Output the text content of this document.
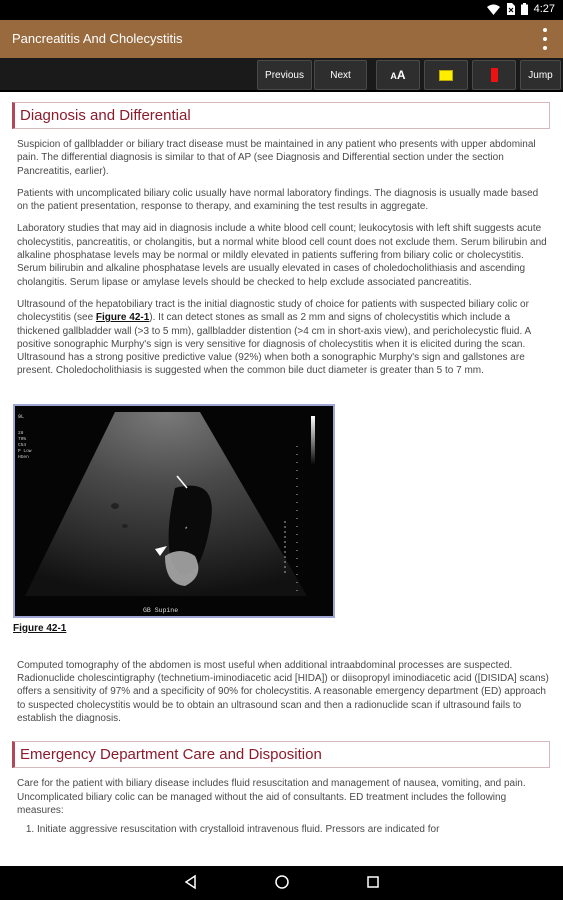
4:27
Pancreatitis And Cholecystitis
Previous	Next	AA	Jump
Diagnosis and Differential

Suspicion of gallbladder or biliary tract disease must be maintained in any patient who presents with upper abdominal pain. The differential diagnosis is similar to that of AP (see Diagnosis and Differential section under the section Pancreatitis, earlier).

Patients with uncomplicated biliary colic usually have normal laboratory findings. The diagnosis is usually made based on the patient presentation, response to therapy, and examining the test results in aggregate.

Laboratory studies that may aid in diagnosis include a white blood cell count; leukocytosis with left shift suggests acute cholecystitis, pancreatitis, or cholangitis, but a normal white blood cell count does not exclude them. Serum bilirubin and alkaline phosphatase levels may be normal or mildly elevated in patients suffering from biliary colic or cholecystitis. Serum bilirubin and alkaline phosphatase levels are usually elevated in cases of choledocholithiasis and ascending cholangitis. Serum lipase or amylase levels should be checked to help exclude associated pancreatitis.

Ultrasound of the hepatobiliary tract is the initial diagnostic study of choice for patients with suspected biliary colic or cholecystitis (see Figure 42-1). It can detect stones as small as 2 mm and signs of cholecystitis which include a thickened gallbladder wall (>3 to 5 mm), gallbladder distention (>4 cm in short-axis view), and pericholecystic fluid. A positive sonographic Murphy's sign is very sensitive for diagnosis of cholecystitis when it is elicited during the scan. Ultrasound has a strong positive predictive value (92%) when both a sonographic Murphy's sign and gallstones are present. Choledocholithiasis is suggested when the common bile duct diameter is greater than 5 to 7 mm.

9L
28
70%
C54
P Low
HGen
*
GB Supine
Figure 42-1

Computed tomography of the abdomen is most useful when additional intraabdominal processes are suspected. Radionuclide cholescintigraphy (technetium-iminodiacetic acid [HIDA]) or diisopropyl iminodiacetic acid ([DISIDA] scans) offers a sensitivity of 97% and a specificity of 90% for cholecystitis. A reasonable emergency department (ED) approach to suspected cholecystitis would be to obtain an ultrasound scan and then a radionuclide scan if ultrasound fails to establish the diagnosis.

Emergency Department Care and Disposition

Care for the patient with biliary disease includes fluid resuscitation and management of nausea, vomiting, and pain. Uncomplicated biliary colic can be managed without the aid of consultants. ED treatment includes the following measures:

1. Initiate aggressive resuscitation with crystalloid intravenous fluid. Pressors are indicated for
